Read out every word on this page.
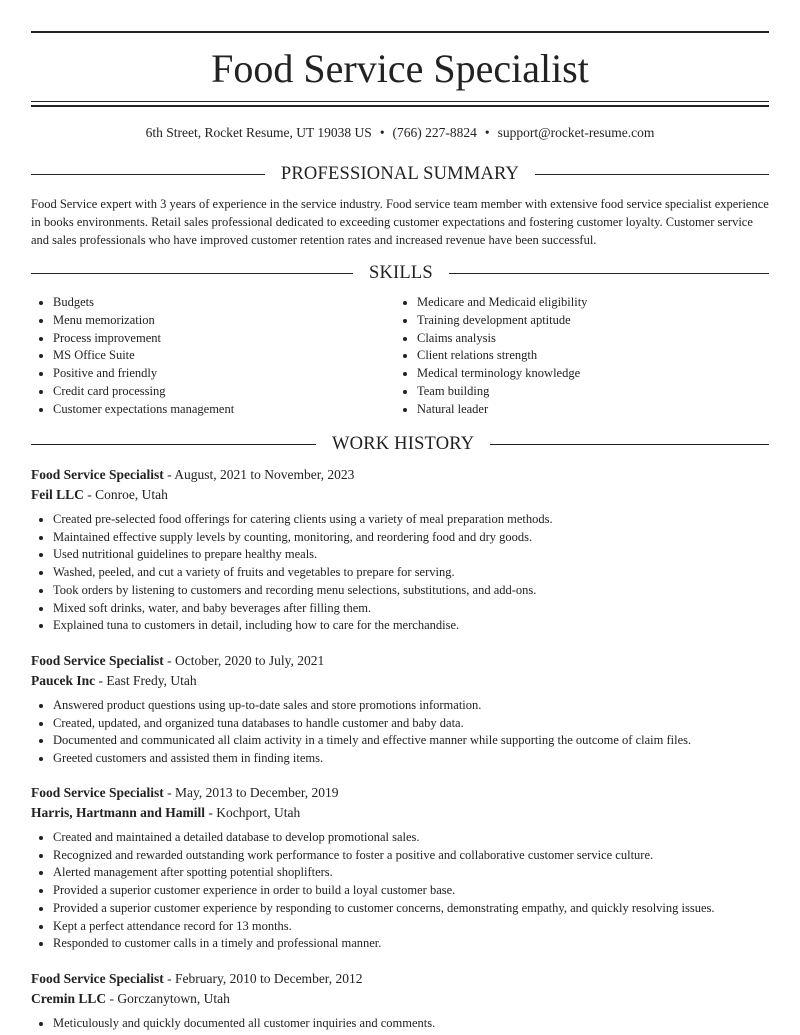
Food Service Specialist
6th Street, Rocket Resume, UT 19038 US • (766) 227-8824 • support@rocket-resume.com
PROFESSIONAL SUMMARY

Food Service expert with 3 years of experience in the service industry. Food service team member with extensive food service specialist experience in books environments. Retail sales professional dedicated to exceeding customer expectations and fostering customer loyalty. Customer service and sales professionals who have improved customer retention rates and increased revenue have been successful.

SKILLS
• Budgets
• Menu memorization
• Process improvement
• MS Office Suite
• Positive and friendly
• Credit card processing
• Customer expectations management
• Medicare and Medicaid eligibility
• Training development aptitude
• Claims analysis
• Client relations strength
• Medical terminology knowledge
• Team building
• Natural leader
WORK HISTORY
Food Service Specialist - August, 2021 to November, 2023
Feil LLC - Conroe, Utah
• Created pre-selected food offerings for catering clients using a variety of meal preparation methods.
• Maintained effective supply levels by counting, monitoring, and reordering food and dry goods.
• Used nutritional guidelines to prepare healthy meals.
• Washed, peeled, and cut a variety of fruits and vegetables to prepare for serving.
• Took orders by listening to customers and recording menu selections, substitutions, and add-ons.
• Mixed soft drinks, water, and baby beverages after filling them.
• Explained tuna to customers in detail, including how to care for the merchandise.
Food Service Specialist - October, 2020 to July, 2021
Paucek Inc - East Fredy, Utah
• Answered product questions using up-to-date sales and store promotions information.
• Created, updated, and organized tuna databases to handle customer and baby data.
• Documented and communicated all claim activity in a timely and effective manner while supporting the outcome of claim files.
• Greeted customers and assisted them in finding items.
Food Service Specialist - May, 2013 to December, 2019
Harris, Hartmann and Hamill - Kochport, Utah
• Created and maintained a detailed database to develop promotional sales.
• Recognized and rewarded outstanding work performance to foster a positive and collaborative customer service culture.
• Alerted management after spotting potential shoplifters.
• Provided a superior customer experience in order to build a loyal customer base.
• Provided a superior customer experience by responding to customer concerns, demonstrating empathy, and quickly resolving issues.
• Kept a perfect attendance record for 13 months.
• Responded to customer calls in a timely and professional manner.
Food Service Specialist - February, 2010 to December, 2012
Cremin LLC - Gorczanytown, Utah
• Meticulously and quickly documented all customer inquiries and comments.
